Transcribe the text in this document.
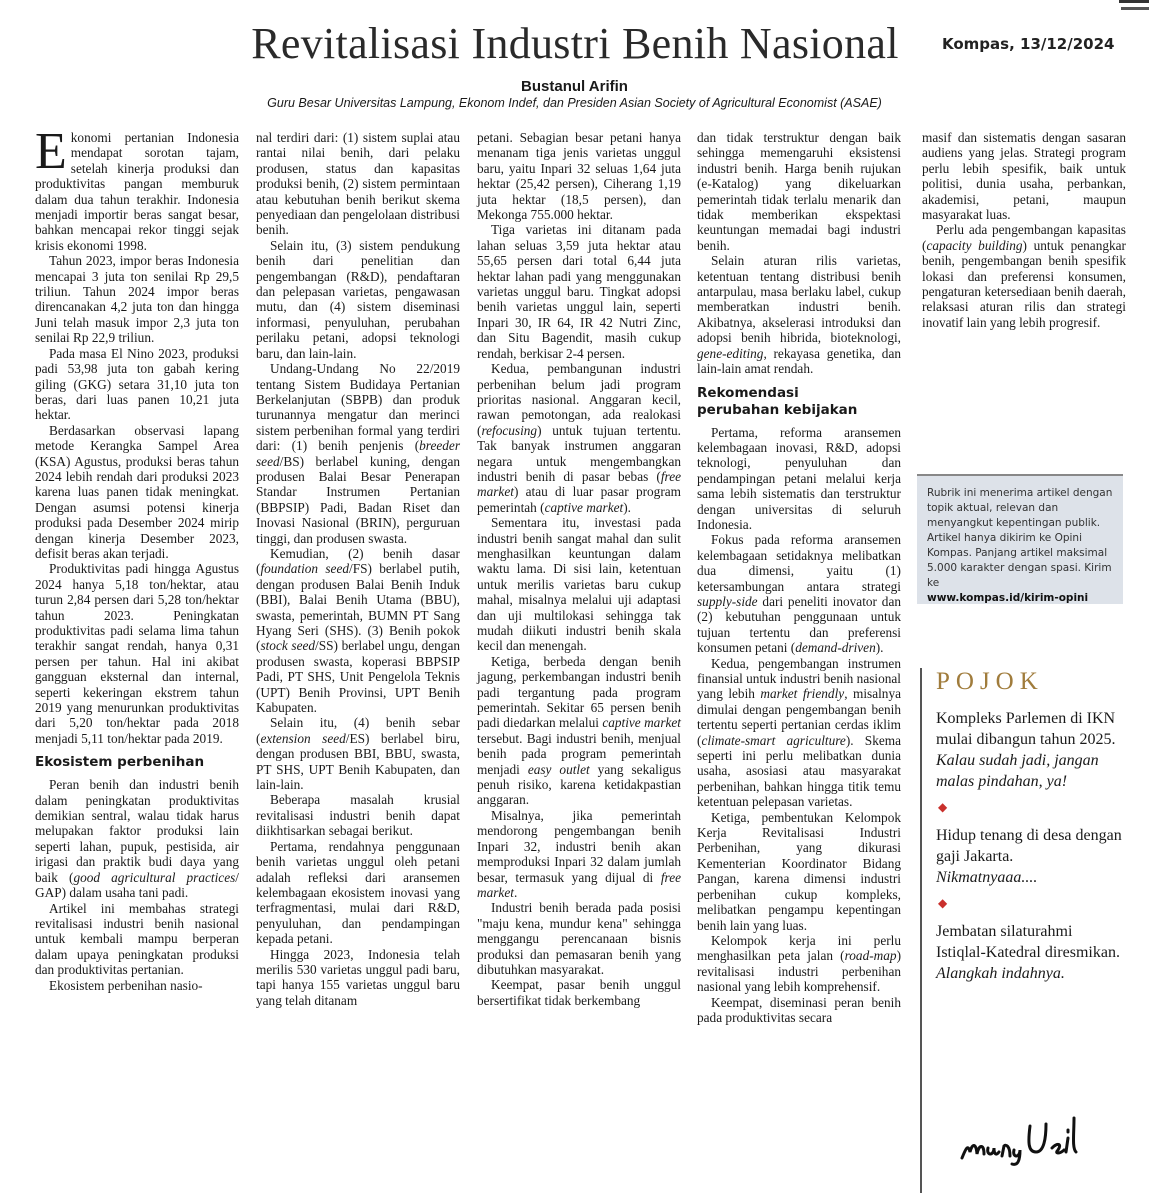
Revitalisasi Industri Benih Nasional	Kompas, 13/12/2024
Bustanul Arifin
Guru Besar Universitas Lampung, Ekonom Indef, dan Presiden Asian Society of Agricultural Economist (ASAE)

Ekonomi pertanian Indonesia mendapat sorotan tajam, setelah kinerja produksi dan produktivitas pangan memburuk dalam dua tahun terakhir. Indonesia menjadi importir beras sangat besar, bahkan mencapai rekor tinggi sejak krisis ekonomi 1998.

Tahun 2023, impor beras Indonesia mencapai 3 juta ton senilai Rp 29,5 triliun. Tahun 2024 impor beras direncanakan 4,2 juta ton dan hingga Juni telah masuk impor 2,3 juta ton senilai Rp 22,9 triliun.

Pada masa El Nino 2023, produksi padi 53,98 juta ton gabah kering giling (GKG) setara 31,10 juta ton beras, dari luas panen 10,21 juta hektar.

Berdasarkan observasi lapang metode Kerangka Sampel Area (KSA) Agustus, produksi beras tahun 2024 lebih rendah dari produksi 2023 karena luas panen tidak meningkat. Dengan asumsi potensi kinerja produksi pada Desember 2024 mirip dengan kinerja Desember 2023, defisit beras akan terjadi.

Produktivitas padi hingga Agustus 2024 hanya 5,18 ton/hektar, atau turun 2,84 persen dari 5,28 ton/hektar tahun 2023. Peningkatan produktivitas padi selama lima tahun terakhir sangat rendah, hanya 0,31 persen per tahun. Hal ini akibat gangguan eksternal dan internal, seperti kekeringan ekstrem tahun 2019 yang menurunkan produktivitas dari 5,20 ton/hektar pada 2018 menjadi 5,11 ton/hektar pada 2019.

Ekosistem perbenihan

Peran benih dan industri benih dalam peningkatan produktivitas demikian sentral, walau tidak harus melupakan faktor produksi lain seperti lahan, pupuk, pestisida, air irigasi dan praktik budi daya yang baik (good agricultural practices/ GAP) dalam usaha tani padi.

Artikel ini membahas strategi revitalisasi industri benih nasional untuk kembali mampu berperan dalam upaya peningkatan produksi dan produktivitas pertanian.

Ekosistem perbenihan nasio-

nal terdiri dari: (1) sistem suplai atau rantai nilai benih, dari pelaku produsen, status dan kapasitas produksi benih, (2) sistem permintaan atau kebutuhan benih berikut skema penyediaan dan pengelolaan distribusi benih.

Selain itu, (3) sistem pendukung benih dari penelitian dan pengembangan (R&D), pendaftaran dan pelepasan varietas, pengawasan mutu, dan (4) sistem diseminasi informasi, penyuluhan, perubahan perilaku petani, adopsi teknologi baru, dan lain-lain.

Undang-Undang No 22/2019 tentang Sistem Budidaya Pertanian Berkelanjutan (SBPB) dan produk turunannya mengatur dan merinci sistem perbenihan formal yang terdiri dari: (1) benih penjenis (breeder seed/BS) berlabel kuning, dengan produsen Balai Besar Penerapan Standar Instrumen Pertanian (BBPSIP) Padi, Badan Riset dan Inovasi Nasional (BRIN), perguruan tinggi, dan produsen swasta.

Kemudian, (2) benih dasar (foundation seed/FS) berlabel putih, dengan produsen Balai Benih Induk (BBI), Balai Benih Utama (BBU), swasta, pemerintah, BUMN PT Sang Hyang Seri (SHS). (3) Benih pokok (stock seed/SS) berlabel ungu, dengan produsen swasta, koperasi BBPSIP Padi, PT SHS, Unit Pengelola Teknis (UPT) Benih Provinsi, UPT Benih Kabupaten.

Selain itu, (4) benih sebar (extension seed/ES) berlabel biru, dengan produsen BBI, BBU, swasta, PT SHS, UPT Benih Kabupaten, dan lain-lain.

Beberapa masalah krusial revitalisasi industri benih dapat diikhtisarkan sebagai berikut.

Pertama, rendahnya penggunaan benih varietas unggul oleh petani adalah refleksi dari aransemen kelembagaan ekosistem inovasi yang terfragmentasi, mulai dari R&D, penyuluhan, dan pendampingan kepada petani.

Hingga 2023, Indonesia telah merilis 530 varietas unggul padi baru, tapi hanya 155 varietas unggul baru yang telah ditanam

petani. Sebagian besar petani hanya menanam tiga jenis varietas unggul baru, yaitu Inpari 32 seluas 1,64 juta hektar (25,42 persen), Ciherang 1,19 juta hektar (18,5 persen), dan Mekonga 755.000 hektar.

Tiga varietas ini ditanam pada lahan seluas 3,59 juta hektar atau 55,65 persen dari total 6,44 juta hektar lahan padi yang menggunakan varietas unggul baru. Tingkat adopsi benih varietas unggul lain, seperti Inpari 30, IR 64, IR 42 Nutri Zinc, dan Situ Bagendit, masih cukup rendah, berkisar 2-4 persen.

Kedua, pembangunan industri perbenihan belum jadi program prioritas nasional. Anggaran kecil, rawan pemotongan, ada realokasi (refocusing) untuk tujuan tertentu. Tak banyak instrumen anggaran negara untuk mengembangkan industri benih di pasar bebas (free market) atau di luar pasar program pemerintah (captive market).

Sementara itu, investasi pada industri benih sangat mahal dan sulit menghasilkan keuntungan dalam waktu lama. Di sisi lain, ketentuan untuk merilis varietas baru cukup mahal, misalnya melalui uji adaptasi dan uji multilokasi sehingga tak mudah diikuti industri benih skala kecil dan menengah.

Ketiga, berbeda dengan benih jagung, perkembangan industri benih padi tergantung pada program pemerintah. Sekitar 65 persen benih padi diedarkan melalui captive market tersebut. Bagi industri benih, menjual benih pada program pemerintah menjadi easy outlet yang sekaligus penuh risiko, karena ketidakpastian anggaran.

Misalnya, jika pemerintah mendorong pengembangan benih Inpari 32, industri benih akan memproduksi Inpari 32 dalam jumlah besar, termasuk yang dijual di free market.

Industri benih berada pada posisi "maju kena, mundur kena" sehingga menggangu perencanaan bisnis produksi dan pemasaran benih yang dibutuhkan masyarakat.

Keempat, pasar benih unggul bersertifikat tidak berkembang

dan tidak terstruktur dengan baik sehingga memengaruhi eksistensi industri benih. Harga benih rujukan (e-Katalog) yang dikeluarkan pemerintah tidak terlalu menarik dan tidak memberikan ekspektasi keuntungan memadai bagi industri benih.

Selain aturan rilis varietas, ketentuan tentang distribusi benih antarpulau, masa berlaku label, cukup memberatkan industri benih. Akibatnya, akselerasi introduksi dan adopsi benih hibrida, bioteknologi, gene-editing, rekayasa genetika, dan lain-lain amat rendah.

Rekomendasi
perubahan kebijakan

Pertama, reforma aransemen kelembagaan inovasi, R&D, adopsi teknologi, penyuluhan dan pendampingan petani melalui kerja sama lebih sistematis dan terstruktur dengan universitas di seluruh Indonesia.

Fokus pada reforma aransemen kelembagaan setidaknya melibatkan dua dimensi, yaitu (1) ketersambungan antara strategi supply-side dari peneliti inovator dan (2) kebutuhan penggunaan untuk tujuan tertentu dan preferensi konsumen petani (demand-driven).

Kedua, pengembangan instrumen finansial untuk industri benih nasional yang lebih market friendly, misalnya dimulai dengan pengembangan benih tertentu seperti pertanian cerdas iklim (climate-smart agriculture). Skema seperti ini perlu melibatkan dunia usaha, asosiasi atau masyarakat perbenihan, bahkan hingga titik temu ketentuan pelepasan varietas.

Ketiga, pembentukan Kelompok Kerja Revitalisasi Industri Perbenihan, yang dikurasi Kementerian Koordinator Bidang Pangan, karena dimensi industri perbenihan cukup kompleks, melibatkan pengampu kepentingan benih lain yang luas.

Kelompok kerja ini perlu menghasilkan peta jalan (road-map) revitalisasi industri perbenihan nasional yang lebih komprehensif.

Keempat, diseminasi peran benih pada produktivitas secara

masif dan sistematis dengan sasaran audiens yang jelas. Strategi program perlu lebih spesifik, baik untuk politisi, dunia usaha, perbankan, akademisi, petani, maupun masyarakat luas.

Perlu ada pengembangan kapasitas (capacity building) untuk penangkar benih, pengembangan benih spesifik lokasi dan preferensi konsumen, pengaturan ketersediaan benih daerah, relaksasi aturan rilis dan strategi inovatif lain yang lebih progresif.

Rubrik ini menerima artikel dengan topik aktual, relevan dan menyangkut kepentingan publik. Artikel hanya dikirim ke Opini Kompas. Panjang artikel maksimal 5.000 karakter dengan spasi. Kirim ke
www.kompas.id/kirim-opini
POJOK
Kompleks Parlemen di IKN mulai dibangun tahun 2025.
Kalau sudah jadi, jangan malas pindahan, ya!
◆
Hidup tenang di desa dengan gaji Jakarta.
Nikmatnyaaa....
◆
Jembatan silaturahmi Istiqlal-Katedral diresmikan.
Alangkah indahnya.
